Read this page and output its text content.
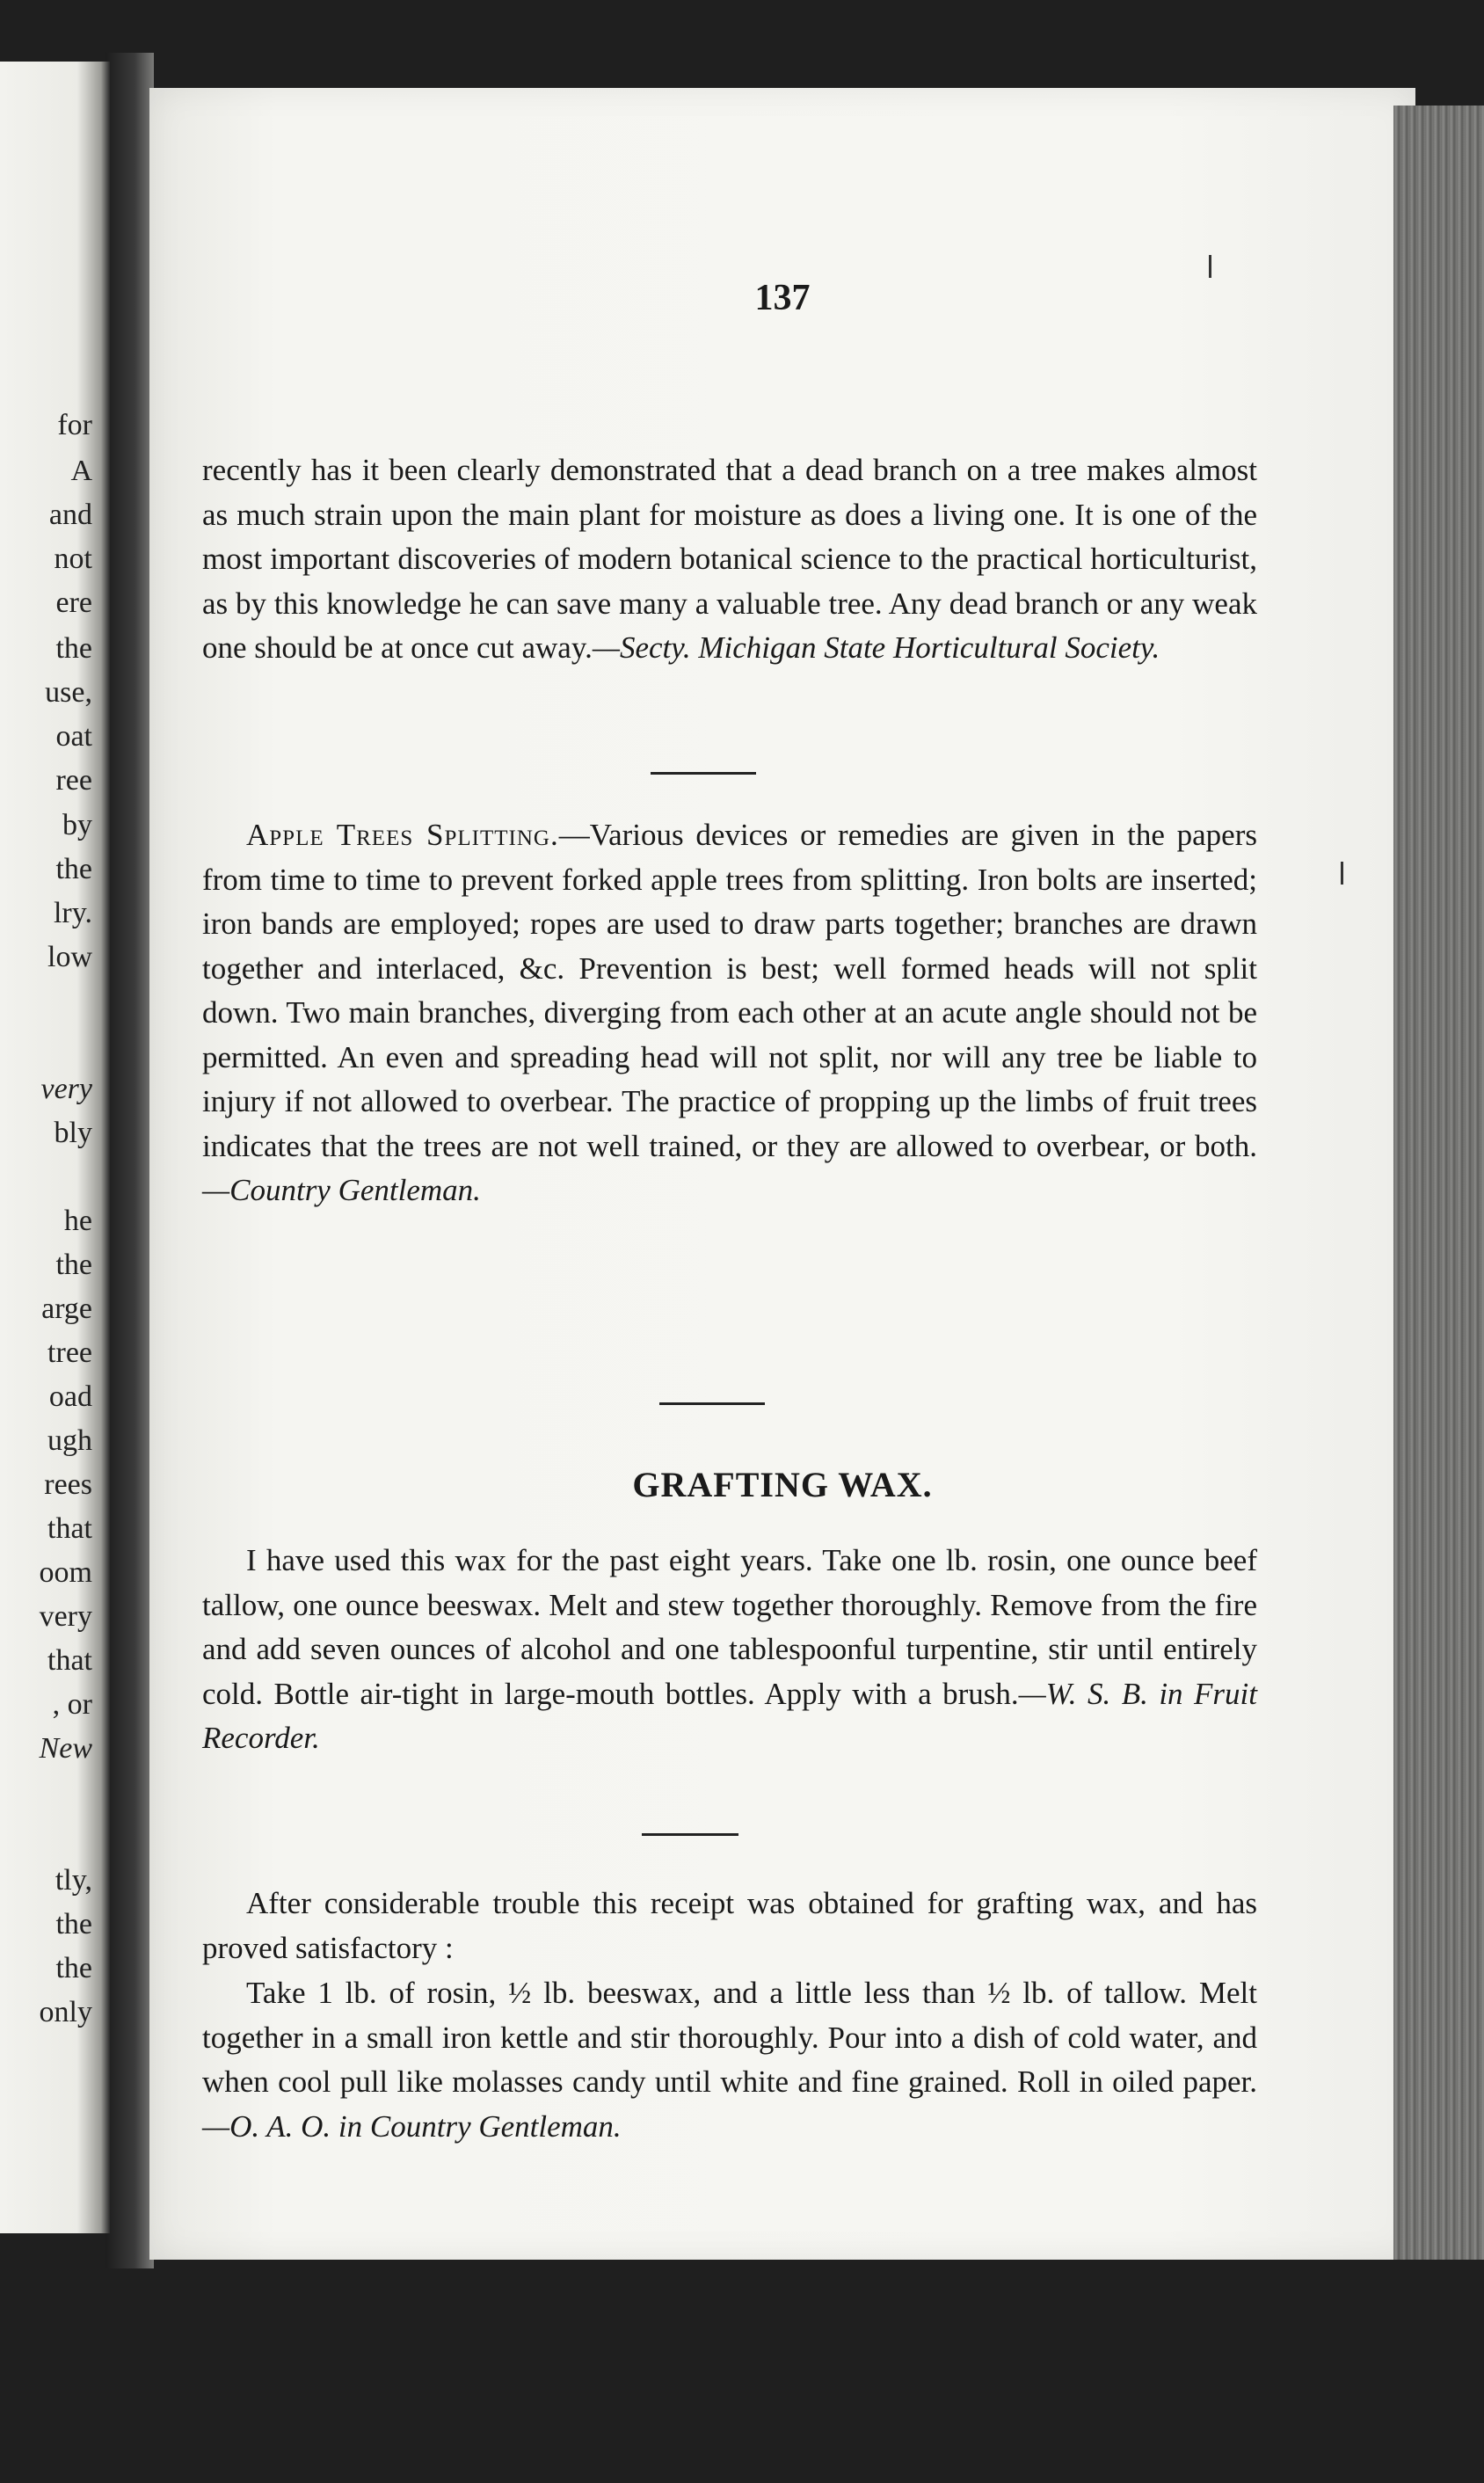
for
A
and
not
ere
the
use,
oat
ree
by
the
lry.
low
very
bly
he
the
arge
tree
oad
ugh
rees
that
oom
very
that
, or
New
tly,
the
the
only
137

recently has it been clearly demonstrated that a dead branch on a tree makes almost as much strain upon the main plant for moisture as does a living one. It is one of the most important discoveries of modern botanical science to the practical horticulturist, as by this knowledge he can save many a valuable tree. Any dead branch or any weak one should be at once cut away.—Secty. Michigan State Horticultural Society.

Apple Trees Splitting.—Various devices or remedies are given in the papers from time to time to prevent forked apple trees from splitting. Iron bolts are inserted; iron bands are employed; ropes are used to draw parts together; branches are drawn together and interlaced, &c. Prevention is best; well formed heads will not split down. Two main branches, diverging from each other at an acute angle should not be permitted. An even and spreading head will not split, nor will any tree be liable to injury if not allowed to overbear. The practice of propping up the limbs of fruit trees indicates that the trees are not well trained, or they are allowed to overbear, or both.—Country Gentleman.

GRAFTING WAX.

I have used this wax for the past eight years. Take one lb. rosin, one ounce beef tallow, one ounce beeswax. Melt and stew together thoroughly. Remove from the fire and add seven ounces of alcohol and one tablespoonful turpentine, stir until entirely cold. Bottle air-tight in large-mouth bottles. Apply with a brush.—W. S. B. in Fruit Recorder.

After considerable trouble this receipt was obtained for grafting wax, and has proved satisfactory :

Take 1 lb. of rosin, ½ lb. beeswax, and a little less than ½ lb. of tallow. Melt together in a small iron kettle and stir thoroughly. Pour into a dish of cold water, and when cool pull like molasses candy until white and fine grained. Roll in oiled paper.—O. A. O. in Country Gentleman.
